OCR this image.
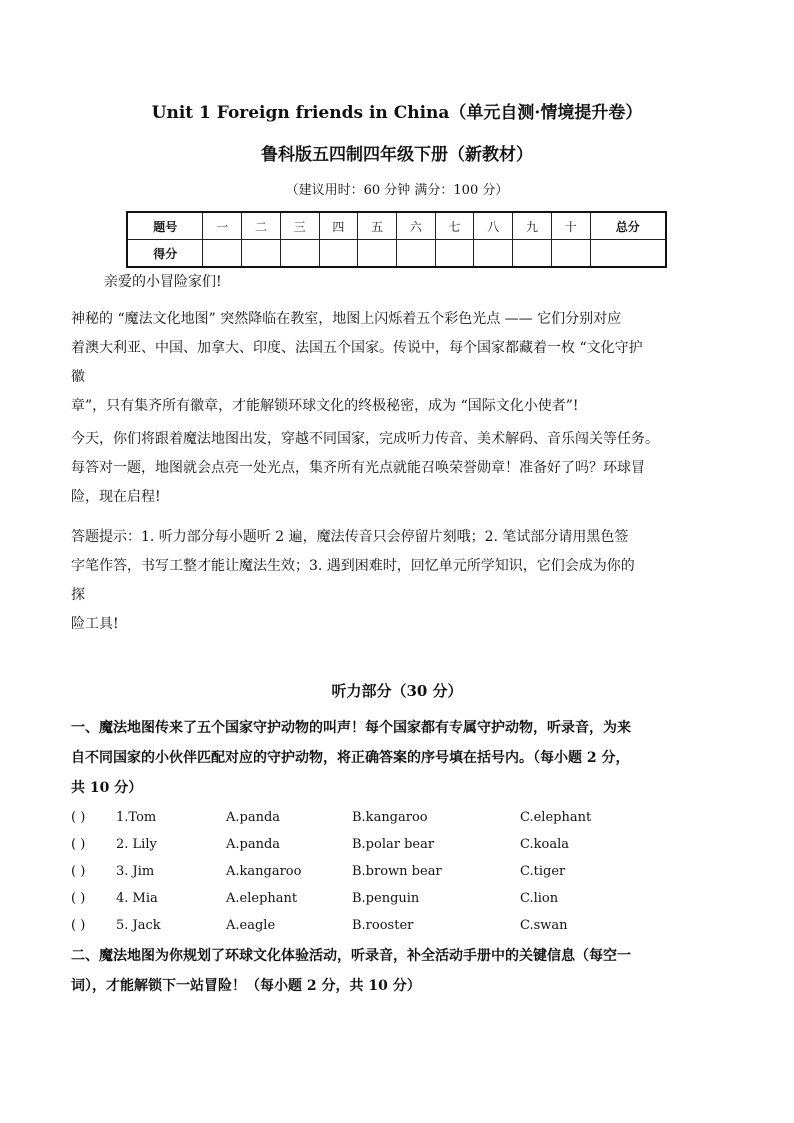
Unit 1 Foreign friends in China（单元自测·情境提升卷）
鲁科版五四制四年级下册（新教材）
（建议用时：60 分钟 满分：100 分）
题号	一	二	三	四	五	六	七	八	九	十	总分
得分											
亲爱的小冒险家们!

神秘的 “魔法文化地图” 突然降临在教室，地图上闪烁着五个彩色光点 —— 它们分别对应

着澳大利亚、中国、加拿大、印度、法国五个国家。传说中，每个国家都藏着一枚 “文化守护

徽

章”，只有集齐所有徽章，才能解锁环球文化的终极秘密，成为 “国际文化小使者”!

今天，你们将跟着魔法地图出发，穿越不同国家，完成听力传音、美术解码、音乐闯关等任务。

每答对一题，地图就会点亮一处光点，集齐所有光点就能召唤荣誉勋章！准备好了吗？环球冒

险，现在启程!

答题提示：1. 听力部分每小题听 2 遍，魔法传音只会停留片刻哦；2. 笔试部分请用黑色签

字笔作答，书写工整才能让魔法生效；3. 遇到困难时，回忆单元所学知识，它们会成为你的

探

险工具!

听力部分（30 分）
一、魔法地图传来了五个国家守护动物的叫声！每个国家都有专属守护动物，听录音，为来
自不同国家的小伙伴匹配对应的守护动物，将正确答案的序号填在括号内。（每小题 2 分，
共 10 分）
( ) 1.Tom	A.panda	B.kangaroo	C.elephant
( ) 2. Lily	A.panda	B.polar bear	C.koala
( ) 3. Jim	A.kangaroo	B.brown bear	C.tiger
( ) 4. Mia	A.elephant	B.penguin	C.lion
( ) 5. Jack	A.eagle	B.rooster	C.swan
二、魔法地图为你规划了环球文化体验活动，听录音，补全活动手册中的关键信息（每空一
词），才能解锁下一站冒险！（每小题 2 分，共 10 分）
